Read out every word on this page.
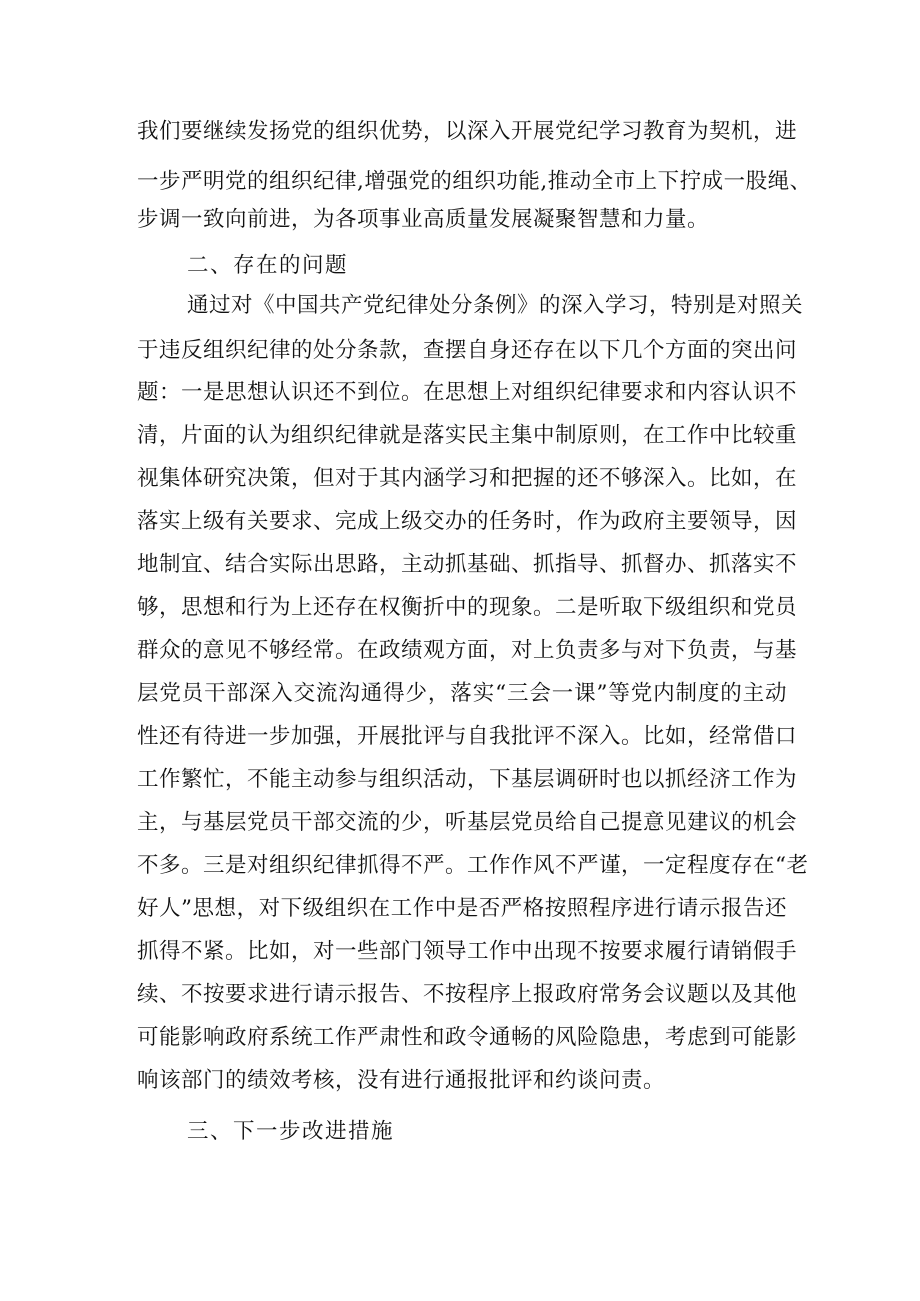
我们要继续发扬党的组织优势，以深入开展党纪学习教育为契机，进
一步严明党的组织纪律,增强党的组织功能,推动全市上下拧成一股绳、
步调一致向前进，为各项事业高质量发展凝聚智慧和力量。
二、存在的问题
通过对《中国共产党纪律处分条例》的深入学习，特别是对照关
于违反组织纪律的处分条款，查摆自身还存在以下几个方面的突出问
题：一是思想认识还不到位。在思想上对组织纪律要求和内容认识不
清，片面的认为组织纪律就是落实民主集中制原则，在工作中比较重
视集体研究决策，但对于其内涵学习和把握的还不够深入。比如，在
落实上级有关要求、完成上级交办的任务时，作为政府主要领导，因
地制宜、结合实际出思路，主动抓基础、抓指导、抓督办、抓落实不
够，思想和行为上还存在权衡折中的现象。二是听取下级组织和党员
群众的意见不够经常。在政绩观方面，对上负责多与对下负责，与基
层党员干部深入交流沟通得少，落实“三会一课”等党内制度的主动
性还有待进一步加强，开展批评与自我批评不深入。比如，经常借口
工作繁忙，不能主动参与组织活动，下基层调研时也以抓经济工作为
主，与基层党员干部交流的少，听基层党员给自己提意见建议的机会
不多。三是对组织纪律抓得不严。工作作风不严谨，一定程度存在“老
好人”思想，对下级组织在工作中是否严格按照程序进行请示报告还
抓得不紧。比如，对一些部门领导工作中出现不按要求履行请销假手
续、不按要求进行请示报告、不按程序上报政府常务会议题以及其他
可能影响政府系统工作严肃性和政令通畅的风险隐患，考虑到可能影
响该部门的绩效考核，没有进行通报批评和约谈问责。
三、下一步改进措施
